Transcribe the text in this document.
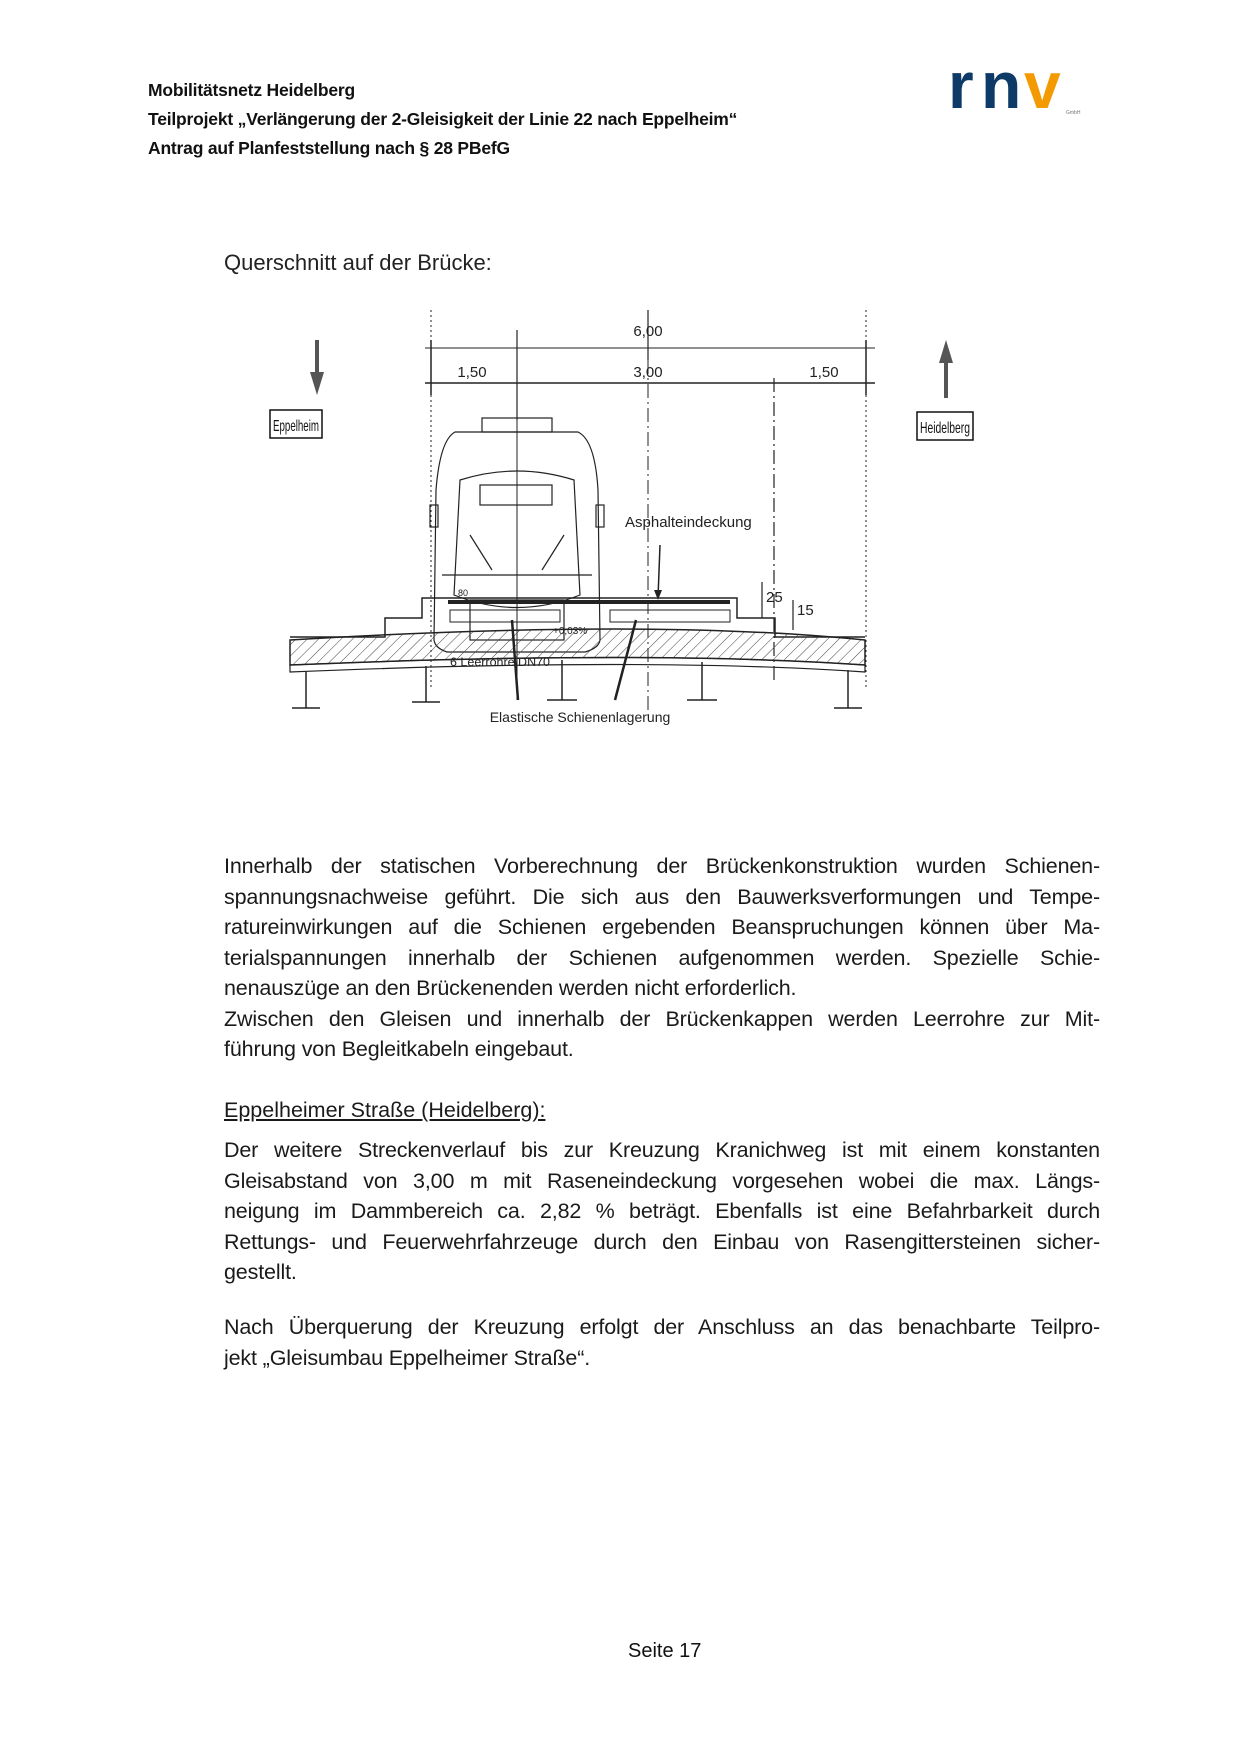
Mobilitätsnetz Heidelberg
Teilprojekt „Verlängerung der 2-Gleisigkeit der Linie 22 nach Eppelheim“
Antrag auf Planfeststellung nach § 28 PBefG
r n v GmbH
Querschnitt auf der Brücke:
6,00
1,50	3,00	1,50
Eppelheim	Heidelberg
Asphalteindeckung
6 Leerrohre DN70
Elastische Schienenlagerung
80
+0,03%
25
15
Innerhalb der statischen Vorberechnung der Brückenkonstruktion wurden Schienen-
spannungsnachweise geführt. Die sich aus den Bauwerksverformungen und Tempe-
ratureinwirkungen auf die Schienen ergebenden Beanspruchungen können über Ma-
terialspannungen innerhalb der Schienen aufgenommen werden. Spezielle Schie-
nenauszüge an den Brückenenden werden nicht erforderlich.
Zwischen den Gleisen und innerhalb der Brückenkappen werden Leerrohre zur Mit-
führung von Begleitkabeln eingebaut.
Eppelheimer Straße (Heidelberg):
Der weitere Streckenverlauf bis zur Kreuzung Kranichweg ist mit einem konstanten
Gleisabstand von 3,00 m mit Raseneindeckung vorgesehen wobei die max. Längs-
neigung im Dammbereich ca. 2,82 % beträgt. Ebenfalls ist eine Befahrbarkeit durch
Rettungs- und Feuerwehrfahrzeuge durch den Einbau von Rasengittersteinen sicher-
gestellt.
Nach Überquerung der Kreuzung erfolgt der Anschluss an das benachbarte Teilpro-
jekt „Gleisumbau Eppelheimer Straße“.
Seite 17
